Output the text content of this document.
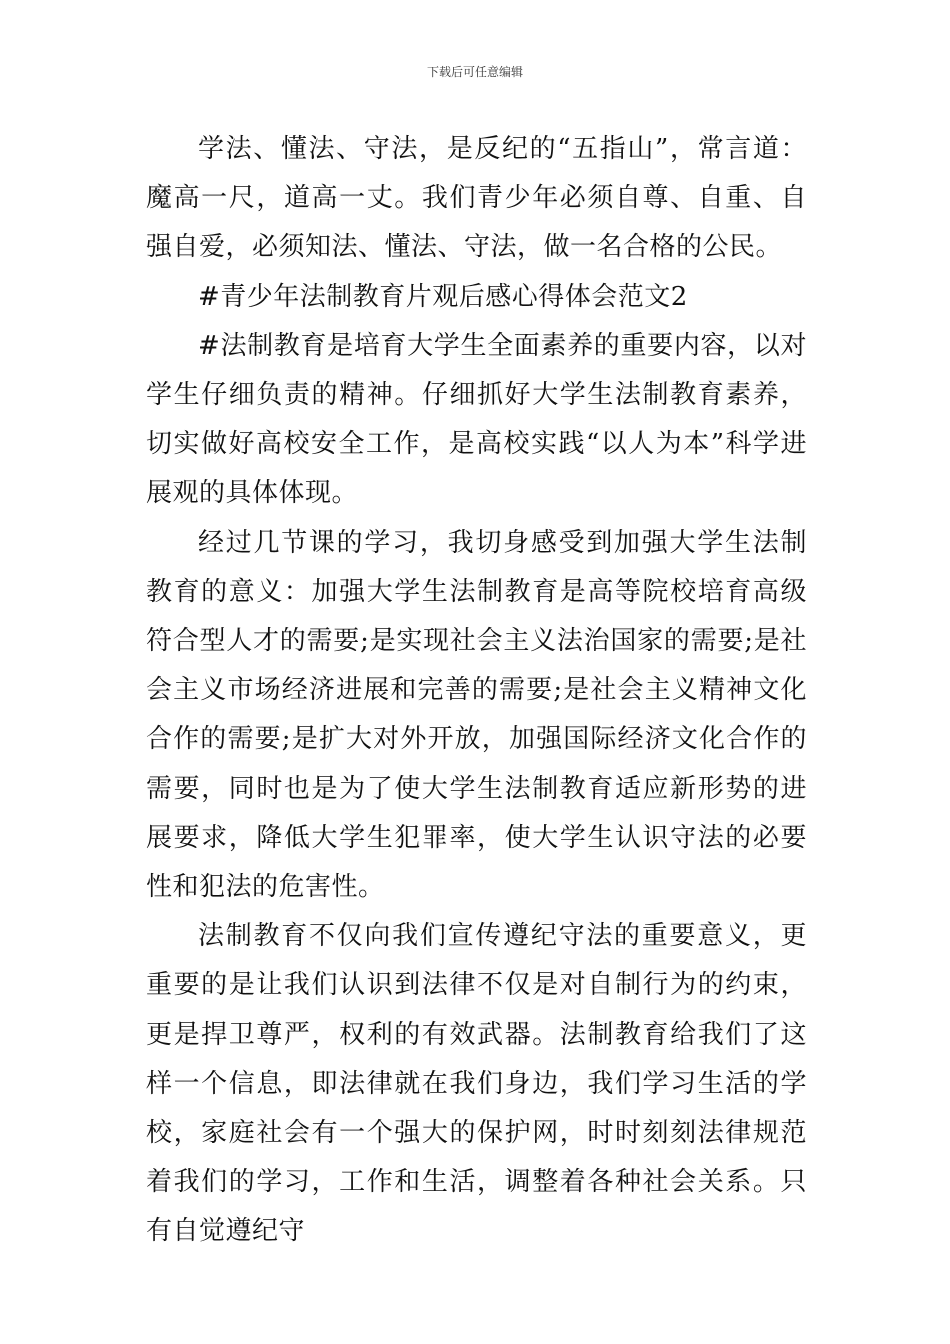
下载后可任意编辑

学法、懂法、守法，是反纪的“五指山”，常言道：魔高一尺，道高一丈。我们青少年必须自尊、自重、自强自爱，必须知法、懂法、守法，做一名合格的公民。

#青少年法制教育片观后感心得体会范文2

#法制教育是培育大学生全面素养的重要内容，以对学生仔细负责的精神。仔细抓好大学生法制教育素养，切实做好高校安全工作，是高校实践“以人为本”科学进展观的具体体现。

经过几节课的学习，我切身感受到加强大学生法制教育的意义：加强大学生法制教育是高等院校培育高级符合型人才的需要;是实现社会主义法治国家的需要;是社会主义市场经济进展和完善的需要;是社会主义精神文化合作的需要;是扩大对外开放，加强国际经济文化合作的需要，同时也是为了使大学生法制教育适应新形势的进展要求，降低大学生犯罪率，使大学生认识守法的必要性和犯法的危害性。

法制教育不仅向我们宣传遵纪守法的重要意义，更重要的是让我们认识到法律不仅是对自制行为的约束，更是捍卫尊严，权利的有效武器。法制教育给我们了这样一个信息，即法律就在我们身边，我们学习生活的学校，家庭社会有一个强大的保护网，时时刻刻法律规范着我们的学习，工作和生活，调整着各种社会关系。只有自觉遵纪守
